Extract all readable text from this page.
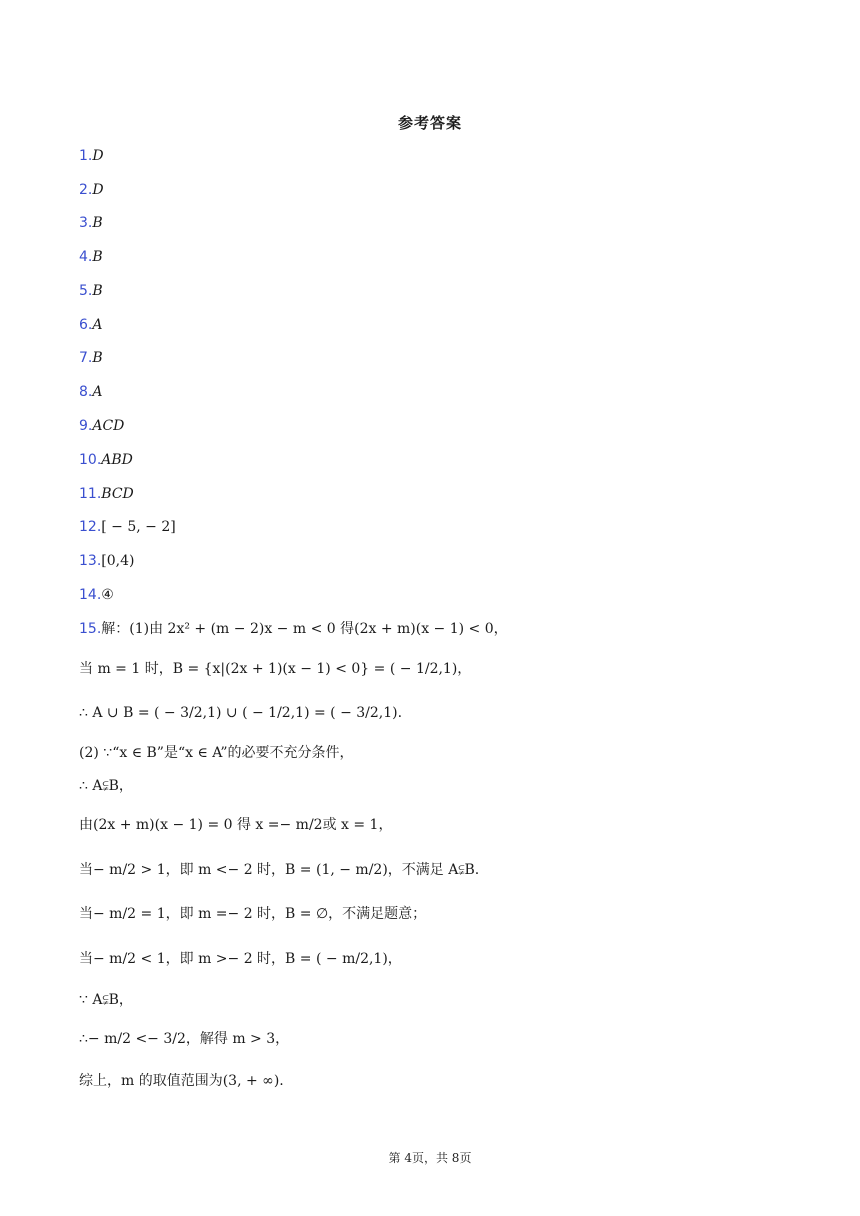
参考答案
1.D
2.D
3.B
4.B
5.B
6.A
7.B
8.A
9.ACD
10.ABD
11.BCD
12.[ − 5, − 2]
13.[0,4)
14.④
15.解：(1)由 2x² + (m − 2)x − m < 0 得(2x + m)(x − 1) < 0，
当 m = 1 时，B = {x|(2x + 1)(x − 1) < 0} = ( − 1/2,1)，
∴ A ∪ B = ( − 3/2,1) ∪ ( − 1/2,1) = ( − 3/2,1).
(2) ∵“x ∈ B”是“x ∈ A”的必要不充分条件，
∴ A⫋B，
由(2x + m)(x − 1) = 0 得 x =− m/2或 x = 1，
当− m/2 > 1，即 m <− 2 时，B = (1, − m/2)，不满足 A⫋B.
当− m/2 = 1，即 m =− 2 时，B = ∅，不满足题意；
当− m/2 < 1，即 m >− 2 时，B = ( − m/2,1)，
∵ A⫋B，
∴− m/2 <− 3/2，解得 m > 3，
综上，m 的取值范围为(3, + ∞).
第 4页，共 8页
